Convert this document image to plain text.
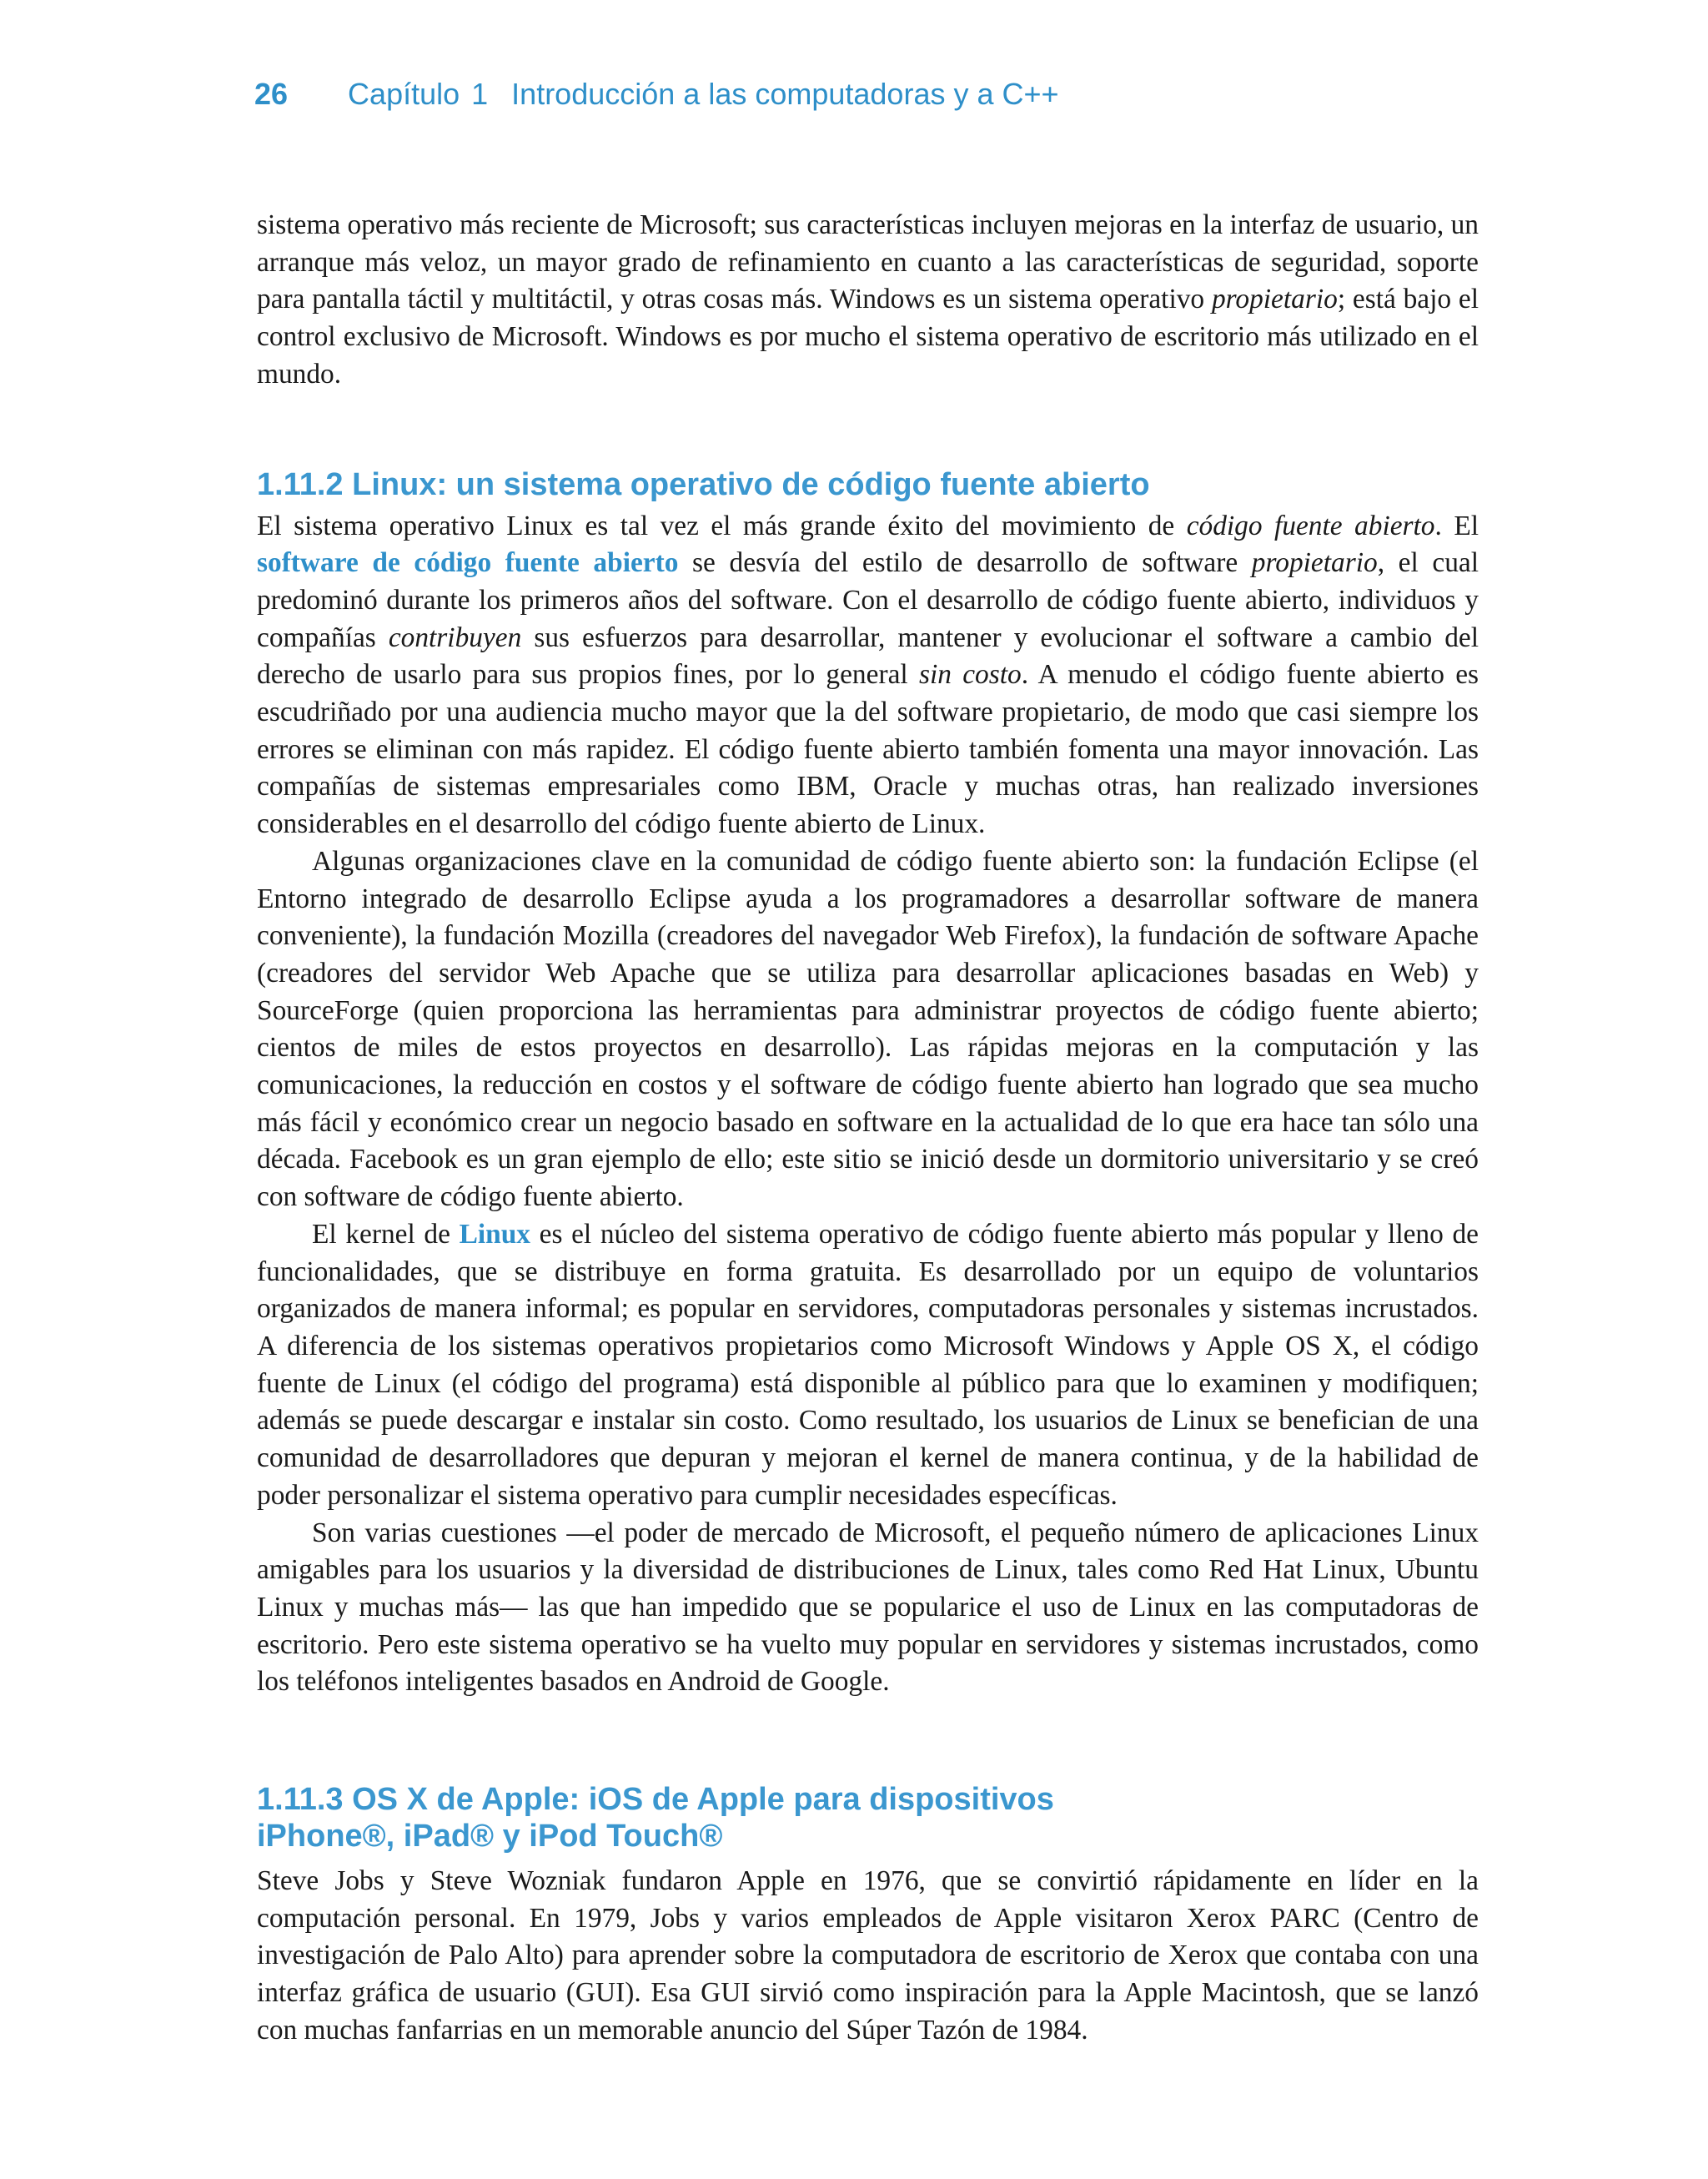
26 Capítulo 1 Introducción a las computadoras y a C++

sistema operativo más reciente de Microsoft; sus características incluyen mejoras en la interfaz de usuario, un arranque más veloz, un mayor grado de refinamiento en cuanto a las características de seguridad, soporte para pantalla táctil y multitáctil, y otras cosas más. Windows es un sistema operativo propietario; está bajo el control exclusivo de Microsoft. Windows es por mucho el sistema operativo de escritorio más utilizado en el mundo.

1.11.2 Linux: un sistema operativo de código fuente abierto

El sistema operativo Linux es tal vez el más grande éxito del movimiento de código fuente abierto. El software de código fuente abierto se desvía del estilo de desarrollo de software propietario, el cual predominó durante los primeros años del software. Con el desarrollo de código fuente abierto, individuos y compañías contribuyen sus esfuerzos para desarrollar, mantener y evolucionar el software a cambio del derecho de usarlo para sus propios fines, por lo general sin costo. A menudo el código fuente abierto es escudriñado por una audiencia mucho mayor que la del software propietario, de modo que casi siempre los errores se eliminan con más rapidez. El código fuente abierto también fomenta una mayor innovación. Las compañías de sistemas empresariales como IBM, Oracle y muchas otras, han realizado inversiones considerables en el desarrollo del código fuente abierto de Linux.

Algunas organizaciones clave en la comunidad de código fuente abierto son: la fundación Eclipse (el Entorno integrado de desarrollo Eclipse ayuda a los programadores a desarrollar software de manera conveniente), la fundación Mozilla (creadores del navegador Web Firefox), la fundación de software Apache (creadores del servidor Web Apache que se utiliza para desarrollar aplicaciones basadas en Web) y SourceForge (quien proporciona las herramientas para administrar proyectos de código fuente abierto; cientos de miles de estos proyectos en desarrollo). Las rápidas mejoras en la computación y las comunicaciones, la reducción en costos y el software de código fuente abierto han logrado que sea mucho más fácil y económico crear un negocio basado en software en la actualidad de lo que era hace tan sólo una década. Facebook es un gran ejemplo de ello; este sitio se inició desde un dormitorio universitario y se creó con software de código fuente abierto.

El kernel de Linux es el núcleo del sistema operativo de código fuente abierto más popular y lleno de funcionalidades, que se distribuye en forma gratuita. Es desarrollado por un equipo de voluntarios organizados de manera informal; es popular en servidores, computadoras personales y sistemas incrustados. A diferencia de los sistemas operativos propietarios como Microsoft Windows y Apple OS X, el código fuente de Linux (el código del programa) está disponible al público para que lo examinen y modifiquen; además se puede descargar e instalar sin costo. Como resultado, los usuarios de Linux se benefician de una comunidad de desarrolladores que depuran y mejoran el kernel de manera continua, y de la habilidad de poder personalizar el sistema operativo para cumplir necesidades específicas.

Son varias cuestiones —el poder de mercado de Microsoft, el pequeño número de aplicaciones Linux amigables para los usuarios y la diversidad de distribuciones de Linux, tales como Red Hat Linux, Ubuntu Linux y muchas más— las que han impedido que se popularice el uso de Linux en las computadoras de escritorio. Pero este sistema operativo se ha vuelto muy popular en servidores y sistemas incrustados, como los teléfonos inteligentes basados en Android de Google.

1.11.3 OS X de Apple: iOS de Apple para dispositivos
iPhone®, iPad® y iPod Touch®

Steve Jobs y Steve Wozniak fundaron Apple en 1976, que se convirtió rápidamente en líder en la computación personal. En 1979, Jobs y varios empleados de Apple visitaron Xerox PARC (Centro de investigación de Palo Alto) para aprender sobre la computadora de escritorio de Xerox que contaba con una interfaz gráfica de usuario (GUI). Esa GUI sirvió como inspiración para la Apple Macintosh, que se lanzó con muchas fanfarrias en un memorable anuncio del Súper Tazón de 1984.
